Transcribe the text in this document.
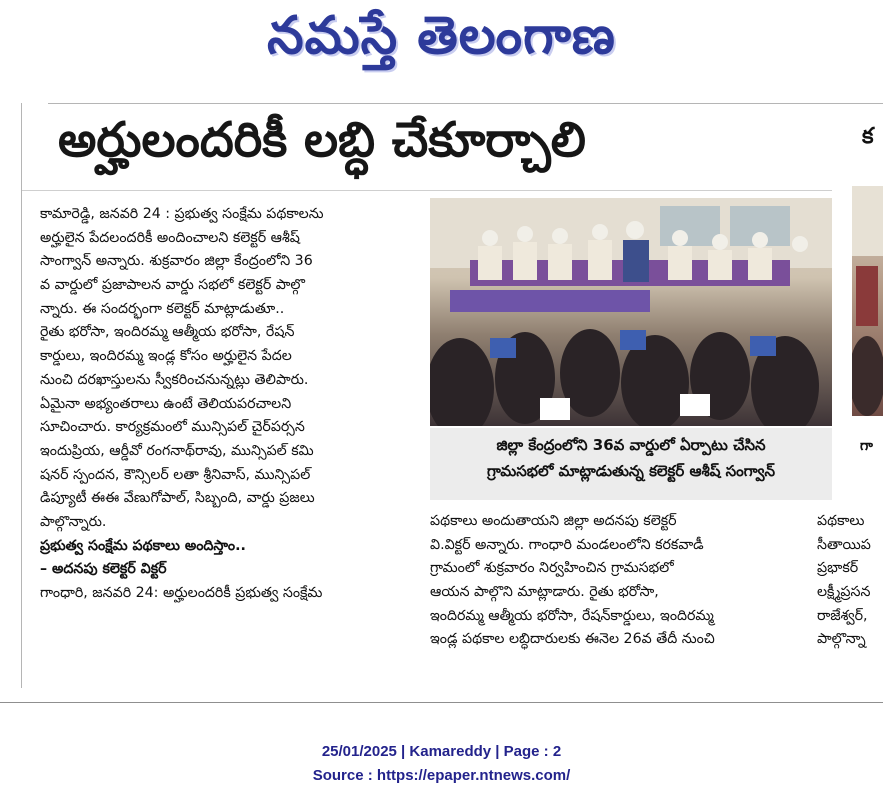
నమస్తే తెలంగాణ
అర్హులందరికీ లబ్ధి చేకూర్చాలి	క
కామారెడ్డి, జనవరి 24 : ప్రభుత్వ సంక్షేమ పథకాలను
అర్హులైన పేదలందరికీ అందించాలని కలెక్టర్ ఆశీష్
సాంగ్వాన్ అన్నారు. శుక్రవారం జిల్లా కేంద్రంలోని 36
వ వార్డులో ప్రజాపాలన వార్డు సభలో కలెక్టర్ పాల్గొ
న్నారు. ఈ సందర్భంగా కలెక్టర్ మాట్లాడుతూ..
రైతు భరోసా, ఇందిరమ్మ ఆత్మీయ భరోసా, రేషన్
కార్డులు, ఇందిరమ్మ ఇండ్ల కోసం అర్హులైన పేదల
నుంచి దరఖాస్తులను స్వీకరించనున్నట్లు తెలిపారు.
ఏమైనా అభ్యంతరాలు ఉంటే తెలియపరచాలని
సూచించారు. కార్యక్రమంలో మున్సిపల్ చైర్‌పర్సన
ఇందుప్రియ, ఆర్డీవో రంగనాథ్‌రావు, మున్సిపల్ కమి
షనర్ స్పందన, కౌన్సిలర్ లతా శ్రీనివాస్, మున్సిపల్
డిప్యూటీ ఈఈ వేణుగోపాల్, సిబ్బంది, వార్డు ప్రజలు
పాల్గొన్నారు.
ప్రభుత్వ సంక్షేమ పథకాలు అందిస్తాం..
– అదనపు కలెక్టర్ విక్టర్
గాంధారి, జనవరి 24: అర్హులందరికీ ప్రభుత్వ సంక్షేమ
జిల్లా కేంద్రంలోని 36వ వార్డులో ఏర్పాటు చేసిన
గ్రామసభలో మాట్లాడుతున్న కలెక్టర్ ఆశీష్ సంగ్వాన్
గా
పథకాలు అందుతాయని జిల్లా అదనపు కలెక్టర్
వి.విక్టర్ అన్నారు. గాంధారి మండలంలోని కరకవాడీ
గ్రామంలో శుక్రవారం నిర్వహించిన గ్రామసభలో
ఆయన పాల్గొని మాట్లాడారు. రైతు భరోసా,
ఇందిరమ్మ ఆత్మీయ భరోసా, రేషన్‌కార్డులు, ఇందిరమ్మ
ఇండ్ల పథకాల లబ్ధిదారులకు ఈనెల 26వ తేదీ నుంచి
పథకాలు
సీతాయిప
ప్రభాకర్
లక్ష్మీప్రసన
రాజేశ్వర్,
పాల్గొన్నా
25/01/2025 | Kamareddy | Page : 2
Source : https://epaper.ntnews.com/
